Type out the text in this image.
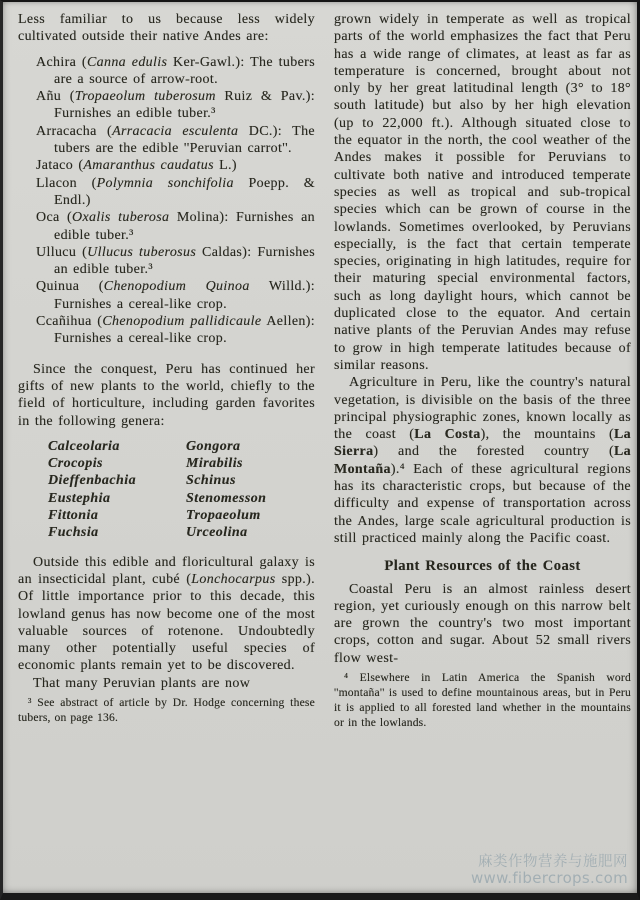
Less familiar to us because less widely cultivated outside their native Andes are:

Achira (Canna edulis Ker-Gawl.): The tubers are a source of arrow-root.
Añu (Tropaeolum tuberosum Ruiz & Pav.): Furnishes an edible tuber.³
Arracacha (Arracacia esculenta DC.): The tubers are the edible ''Peruvian carrot''.
Jataco (Amaranthus caudatus L.)
Llacon (Polymnia sonchifolia Poepp. & Endl.)
Oca (Oxalis tuberosa Molina): Furnishes an edible tuber.³
Ullucu (Ullucus tuberosus Caldas): Furnishes an edible tuber.³
Quinua (Chenopodium Quinoa Willd.): Furnishes a cereal-like crop.
Ccañihua (Chenopodium pallidicaule Aellen): Furnishes a cereal-like crop.

Since the conquest, Peru has continued her gifts of new plants to the world, chiefly to the field of horticulture, including garden favorites in the following genera:

Calceolaria
Crocopis
Dieffenbachia
Eustephia
Fittonia
Fuchsia
Gongora
Mirabilis
Schinus
Stenomesson
Tropaeolum
Urceolina

Outside this edible and floricultural galaxy is an insecticidal plant, cubé (Lonchocarpus spp.). Of little importance prior to this decade, this lowland genus has now become one of the most valuable sources of rotenone. Undoubtedly many other potentially useful species of economic plants remain yet to be discovered.

That many Peruvian plants are now

³ See abstract of article by Dr. Hodge concerning these tubers, on page 136.

grown widely in temperate as well as tropical parts of the world emphasizes the fact that Peru has a wide range of climates, at least as far as temperature is concerned, brought about not only by her great latitudinal length (3° to 18° south latitude) but also by her high elevation (up to 22,000 ft.). Although situated close to the equator in the north, the cool weather of the Andes makes it possible for Peruvians to cultivate both native and introduced temperate species as well as tropical and sub-tropical species which can be grown of course in the lowlands. Sometimes overlooked, by Peruvians especially, is the fact that certain temperate species, originating in high latitudes, require for their maturing special environmental factors, such as long daylight hours, which cannot be duplicated close to the equator. And certain native plants of the Peruvian Andes may refuse to grow in high temperate latitudes because of similar reasons.

Agriculture in Peru, like the country's natural vegetation, is divisible on the basis of the three principal physiographic zones, known locally as the coast (La Costa), the mountains (La Sierra) and the forested country (La Montaña).⁴ Each of these agricultural regions has its characteristic crops, but because of the difficulty and expense of transportation across the Andes, large scale agricultural production is still practiced mainly along the Pacific coast.

Plant Resources of the Coast

Coastal Peru is an almost rainless desert region, yet curiously enough on this narrow belt are grown the country's two most important crops, cotton and sugar. About 52 small rivers flow west-

⁴ Elsewhere in Latin America the Spanish word ''montaña'' is used to define mountainous areas, but in Peru it is applied to all forested land whether in the mountains or in the lowlands.

麻类作物营养与施肥网
www.fibercrops.com
